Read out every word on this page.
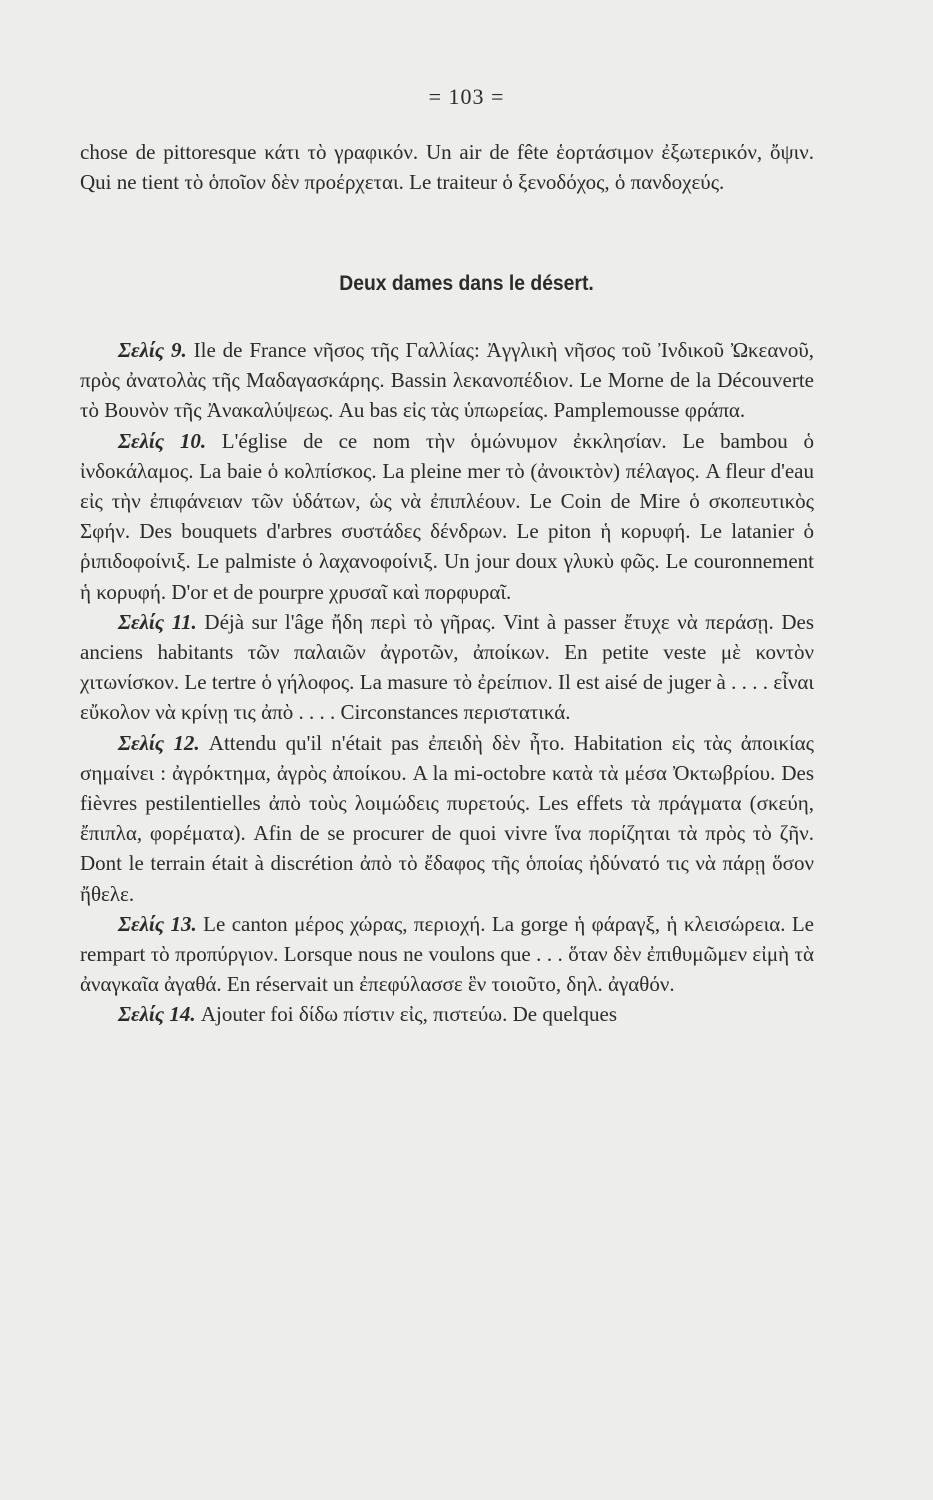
= 103 =
chose de pittoresque κάτι τὸ γραφικόν. Un air de fête ἑορτάσιμον ἐξωτερικόν, ὄψιν. Qui ne tient τὸ ὁποῖον δὲν προέρχεται. Le traiteur ὁ ξενοδόχος, ὁ πανδοχεύς.
Deux dames dans le désert.

Σελίς 9. Ile de France νῆσος τῆς Γαλλίας: Ἀγγλικὴ νῆσος τοῦ Ἰνδικοῦ Ὠκεανοῦ, πρὸς ἀνατολὰς τῆς Μαδαγασκάρης. Bassin λεκανοπέδιον. Le Morne de la Découverte τὸ Βουνὸν τῆς Ἀνακαλύψεως. Au bas εἰς τὰς ὑπωρείας. Pamplemousse φράπα.

Σελίς 10. L'église de ce nom τὴν ὁμώνυμον ἐκκλησίαν. Le bambou ὁ ἰνδοκάλαμος. La baie ὁ κολπίσκος. La pleine mer τὸ (ἀνοικτὸν) πέλαγος. A fleur d'eau εἰς τὴν ἐπιφάνειαν τῶν ὑδάτων, ὡς νὰ ἐπιπλέουν. Le Coin de Mire ὁ σκοπευτικὸς Σφήν. Des bouquets d'arbres συστάδες δένδρων. Le piton ἡ κορυφή. Le latanier ὁ ῥιπιδοφοίνιξ. Le palmiste ὁ λαχανοφοίνιξ. Un jour doux γλυκὺ φῶς. Le couronnement ἡ κορυφή. D'or et de pourpre χρυσαῖ καὶ πορφυραῖ.

Σελίς 11. Déjà sur l'âge ἤδη περὶ τὸ γῆρας. Vint à passer ἔτυχε νὰ περάσῃ. Des anciens habitants τῶν παλαιῶν ἀγροτῶν, ἀποίκων. En petite veste μὲ κοντὸν χιτωνίσκον. Le tertre ὁ γήλοφος. La masure τὸ ἐρείπιον. Il est aisé de juger à . . . . εἶναι εὔκολον νὰ κρίνῃ τις ἀπὸ . . . . Circonstances περιστατικά.

Σελίς 12. Attendu qu'il n'était pas ἐπειδὴ δὲν ἦτο. Habitation εἰς τὰς ἀποικίας σημαίνει : ἀγρόκτημα, ἀγρὸς ἀποίκου. A la mi-octobre κατὰ τὰ μέσα Ὀκτωβρίου. Des fièvres pestilentielles ἀπὸ τοὺς λοιμώδεις πυρετούς. Les effets τὰ πράγματα (σκεύη, ἔπιπλα, φορέματα). Afin de se procurer de quoi vivre ἵνα πορίζηται τὰ πρὸς τὸ ζῆν. Dont le terrain était à discrétion ἀπὸ τὸ ἔδαφος τῆς ὁποίας ἠδύνατό τις νὰ πάρῃ ὅσον ἤθελε.

Σελίς 13. Le canton μέρος χώρας, περιοχή. La gorge ἡ φάραγξ, ἡ κλεισώρεια. Le rempart τὸ προπύργιον. Lorsque nous ne voulons que . . . ὅταν δὲν ἐπιθυμῶμεν εἰμὴ τὰ ἀναγκαῖα ἀγαθά. En réservait un ἐπεφύλασσε ἓν τοιοῦτο, δηλ. ἀγαθόν.

Σελίς 14. Ajouter foi δίδω πίστιν εἰς, πιστεύω. De quelques
